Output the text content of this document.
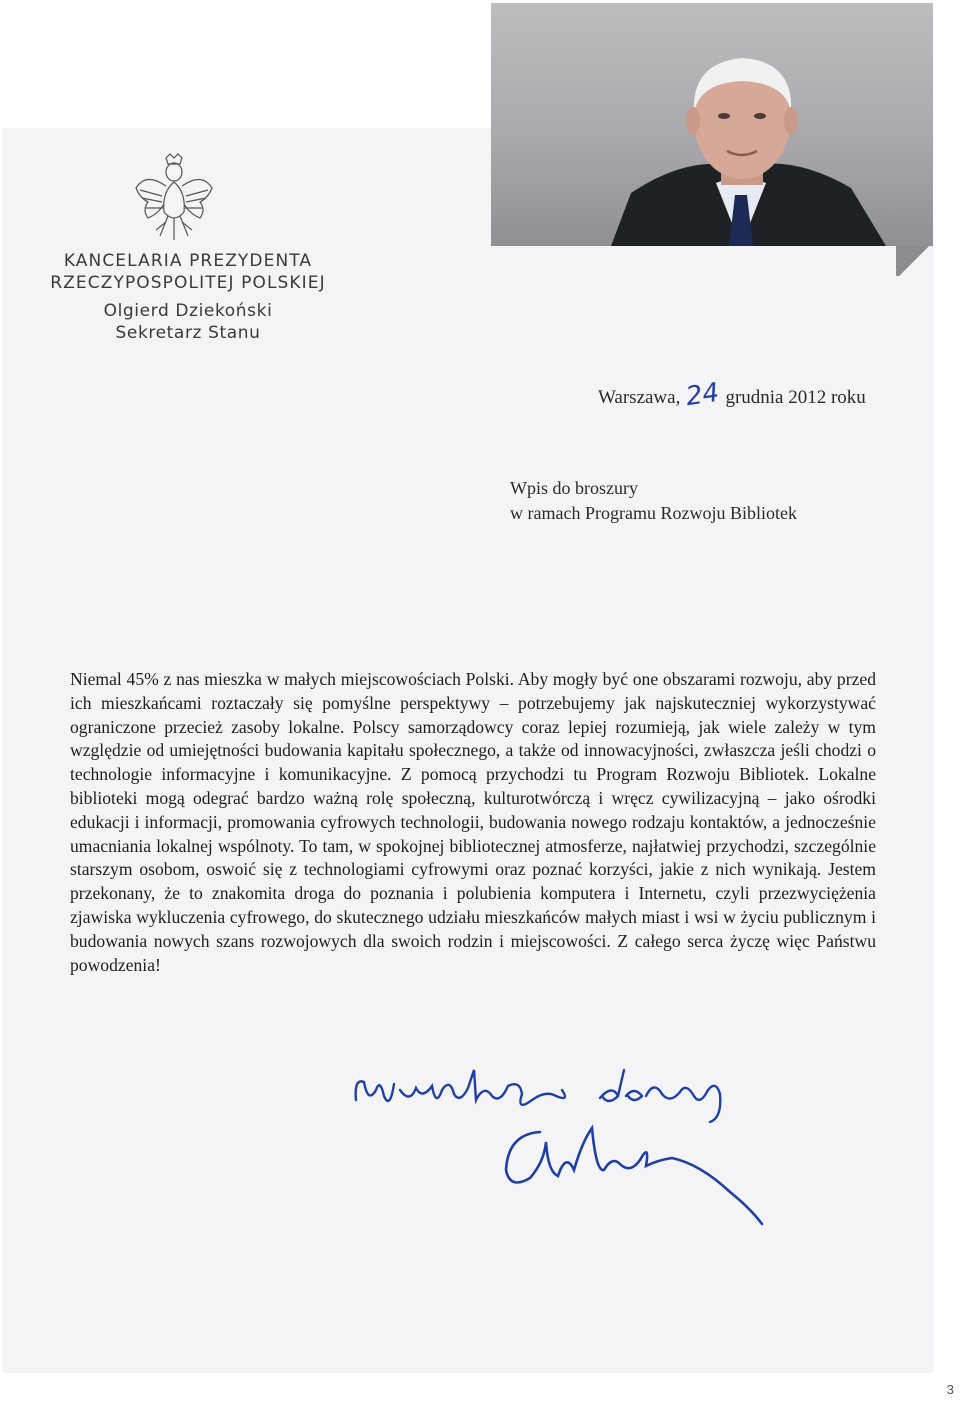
KANCELARIA PREZYDENTA
RZECZYPOSPOLITEJ POLSKIEJ
Olgierd Dziekoński
Sekretarz Stanu
Warszawa, 24 grudnia 2012 roku
Wpis do broszury
w ramach Programu Rozwoju Bibliotek
Niemal 45% z nas mieszka w małych miejscowościach Polski. Aby mogły być one obszarami rozwoju, aby przed ich mieszkańcami roztaczały się pomyślne perspektywy – potrzebujemy jak najskuteczniej wykorzystywać ograniczone przecież zasoby lokalne. Polscy samorządowcy coraz lepiej rozumieją, jak wiele zależy w tym względzie od umiejętności budowania kapitału społecznego, a także od innowacyjności, zwłaszcza jeśli chodzi o technologie informacyjne i komunikacyjne. Z pomocą przychodzi tu Program Rozwoju Bibliotek. Lokalne biblioteki mogą odegrać bardzo ważną rolę społeczną, kulturotwórczą i wręcz cywilizacyjną – jako ośrodki edukacji i informacji, promowania cyfrowych technologii, budowania nowego rodzaju kontaktów, a jednocześnie umacniania lokalnej wspólnoty. To tam, w spokojnej bibliotecznej atmosferze, najłatwiej przychodzi, szczególnie starszym osobom, oswoić się z technologiami cyfrowymi oraz poznać korzyści, jakie z nich wynikają. Jestem przekonany, że to znakomita droga do poznania i polubienia komputera i Internetu, czyli przezwyciężenia zjawiska wykluczenia cyfrowego, do skutecznego udziału mieszkańców małych miast i wsi w życiu publicznym i budowania nowych szans rozwojowych dla swoich rodzin i miejscowości. Z całego serca życzę więc Państwu powodzenia!
3
